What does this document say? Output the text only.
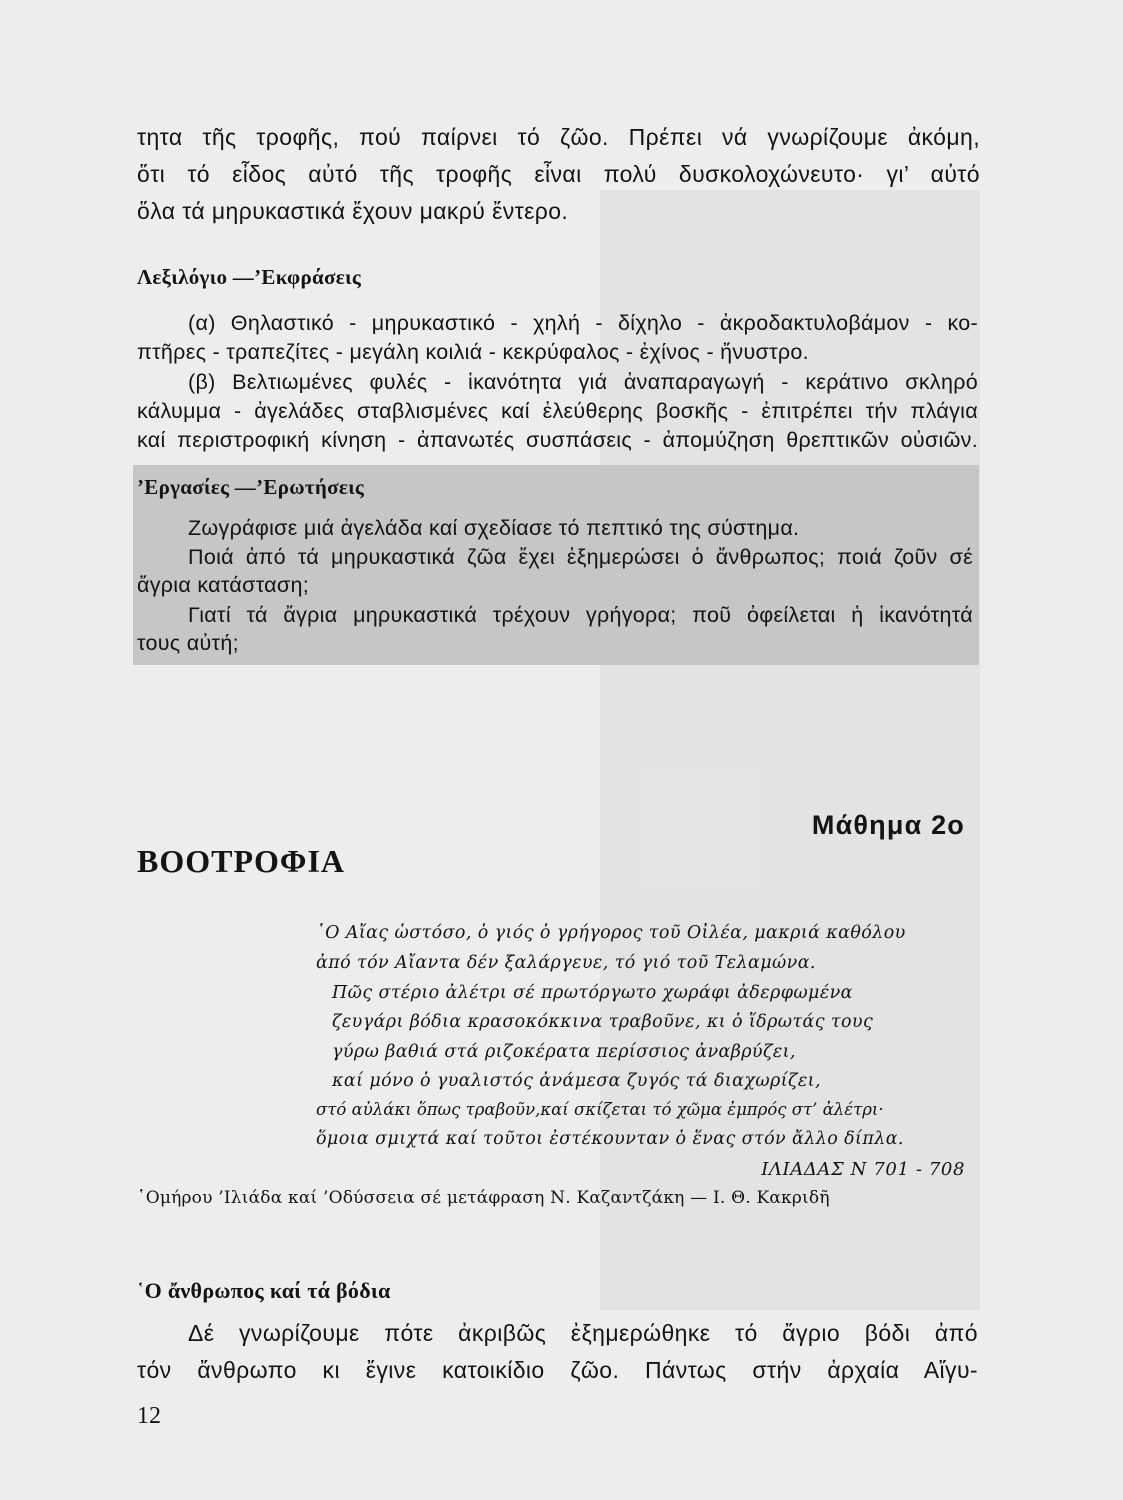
τητα τῆς τροφῆς, πού παίρνει τό ζῶο. Πρέπει νά γνωρίζουμε ἀκόμη,

ὅτι τό εἶδος αὐτό τῆς τροφῆς εἶναι πολύ δυσκολοχώνευτο· γι’ αὐτό

ὅλα τά μηρυκαστικά ἔχουν μακρύ ἔντερο.

Λεξιλόγιο —’Εκφράσεις

(α) Θηλαστικό - μηρυκαστικό - χηλή - δίχηλο - ἀκροδακτυλοβάμον - κο-

πτῆρες - τραπεζίτες - μεγάλη κοιλιά - κεκρύφαλος - ἐχίνος - ἤνυστρο.

(β) Βελτιωμένες φυλές - ἱκανότητα γιά ἀναπαραγωγή - κεράτινο σκληρό

κάλυμμα - ἀγελάδες σταβλισμένες καί ἐλεύθερης βοσκῆς - ἐπιτρέπει τήν πλάγια

καί περιστροφική κίνηση - ἀπανωτές συσπάσεις - ἀπομύζηση θρεπτικῶν οὐσιῶν.

’Εργασίες —’Ερωτήσεις

Ζωγράφισε μιά ἀγελάδα καί σχεδίασε τό πεπτικό της σύστημα.

Ποιά ἀπό τά μηρυκαστικά ζῶα ἔχει ἐξημερώσει ὁ ἄνθρωπος; ποιά ζοῦν σέ

ἄγρια κατάσταση;

Γιατί τά ἄγρια μηρυκαστικά τρέχουν γρήγορα; ποῦ ὀφείλεται ἡ ἱκανότητά

τους αὐτή;

Μάθημα 2ο
ΒΟΟΤΡΟΦΙΑ

῾Ο Αἴας ὡστόσο, ὁ γιός ὁ γρήγορος τοῦ Οἰλέα, μακριά καθόλου

ἀπό τόν Αἴαντα δέν ξαλάργευε, τό γιό τοῦ Τελαμώνα.

Πῶς στέριο ἀλέτρι σέ πρωτόργωτο χωράφι ἀδερφωμένα

ζευγάρι βόδια κρασοκόκκινα τραβοῦνε, κι ὁ ἵδρωτάς τους

γύρω βαθιά στά ριζοκέρατα περίσσιος ἀναβρύζει,

καί μόνο ὁ γυαλιστός ἀνάμεσα ζυγός τά διαχωρίζει,

στό αὐλάκι ὅπως τραβοῦν,καί σκίζεται τό χῶμα ἐμπρός στ’ ἀλέτρι·

ὅμοια σμιχτά καί τοῦτοι ἐστέκουνταν ὁ ἕνας στόν ἄλλο δίπλα.

ΙΛΙΑΔΑΣ Ν 701 - 708

῾Ομήρου ’Ιλιάδα καί ’Οδύσσεια σέ μετάφραση Ν. Καζαντζάκη — Ι. Θ. Κακριδῆ

῾Ο ἄνθρωπος καί τά βόδια

Δέ γνωρίζουμε πότε ἀκριβῶς ἐξημερώθηκε τό ἄγριο βόδι ἀπό

τόν ἄνθρωπο κι ἔγινε κατοικίδιο ζῶο. Πάντως στήν ἀρχαία Αἴγυ-

12
